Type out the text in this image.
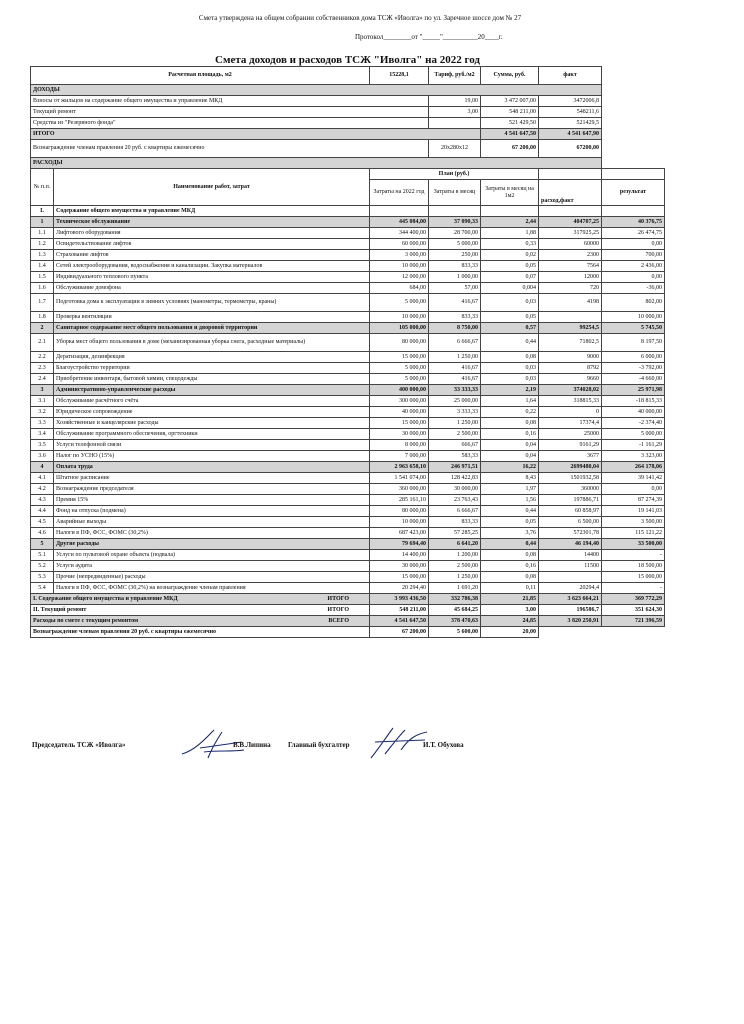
Смета утверждена на общем собрании собственников дома ТСЖ «Иволга» по ул. Заречное шоссе дом № 27
Протокол________от "_____"__________20____г.
Смета доходов и расходов ТСЖ "Иволга" на 2022 год
Расчетная площадь, м2		15228,1	Тариф, руб./м2	Сумма, руб.	факт	
ДОХОДЫ						
Взносы от жильцов на содержание общего имущества и управление МКД			19,00	3 472 007,00	3472006,8	
Текущий ремонт			3,00	548 211,00	548211,6	
Средства из "Резервного фонда"				521 429,50	521429,5	
ИТОГО				4 541 647,50	4 541 647,90	
Вознаграждение членам правления 20 руб. с квартиры ежемесячно			20x280x12	67 200,00	67200,00	
РАСХОДЫ						
№ п.п.	Наименование работ, затрат	План (руб.)				
		Затраты на 2022 год	Затраты в месяц	Затраты в месяц на 1м2	расход,факт	результат
I.	Содержание общего имущества и управление МКД					
1	Техническое обслуживание	445 084,00	37 090,33	2,44	404707,25	40 376,75
1.1	Лифтового оборудования	344 400,00	28 700,00	1,88	317925,25	26 474,75
1.2	Освидетельствование лифтов	60 000,00	5 000,00	0,33	60000	0,00
1.3	Страхование лифтов	3 000,00	250,00	0,02	2300	700,00
1.4	Сетей электрооборудования, водоснабжения и канализации. Закупка материалов	10 000,00	833,33	0,05	7564	2 436,00
1.5	Индивидуального теплового пункта	12 000,00	1 000,00	0,07	12000	0,00
1.6	Обслуживание домофона	684,00	57,00	0,004	720	-36,00
1.7	Подготовка дома к эксплуатации в зимних условиях (манометры, термометры, краны)	5 000,00	416,67	0,03	4198	802,00
1.8	Проверка вентиляции	10 000,00	833,33	0,05		10 000,00
2	Санитарное содержание мест общего пользования и дворовой территории	105 000,00	8 750,00	0,57	99254,5	5 745,50
2.1	Уборка мест общего пользования в доме (механизированная уборка снега, расходные материалы)	80 000,00	6 666,67	0,44	71802,5	8 197,50
2.2	Дератизация, дезинфекция	15 000,00	1 250,00	0,08	9000	6 000,00
2.3	Благоустройство территории	5 000,00	416,67	0,03	8792	-3 792,00
2.4	Приобретение инвентаря, бытовой химии, спецодежды	5 000,00	416,67	0,03	9660	-4 660,00
3	Административно-управленческие расходы	400 000,00	33 333,33	2,19	374028,02	25 971,98
3.1	Обслуживание расчётного счёта	300 000,00	25 000,00	1,64	318815,33	-18 815,33
3.2	Юридическое сопровождение	40 000,00	3 333,33	0,22	0	40 000,00
3.3	Хозяйственные и канцелярские расходы	15 000,00	1 250,00	0,08	17374,4	-2 374,40
3.4	Обслуживание программного обеспечения, оргтехники	30 000,00	2 500,00	0,16	25000	5 000,00
3.5	Услуги телефонной связи	8 000,00	666,67	0,04	9161,29	-1 161,29
3.6	Налог по УСНО (15%)	7 000,00	583,33	0,04	3677	3 323,00
4	Оплата труда	2 963 658,10	246 971,51	16,22	2699480,04	264 178,06
4.1	Штатное расписание	1 541 074,00	128 422,83	8,43	1501932,58	39 141,42
4.2	Вознаграждение председателя	360 000,00	30 000,00	1,97	360000	0,00
4.3	Премия 15%	285 161,10	23 763,43	1,56	197886,71	87 274,39
4.4	Фонд на отпуска (подмена)	80 000,00	6 666,67	0,44	60 858,97	19 141,03
4.5	Аварийные выходы	10 000,00	833,33	0,05	6 500,00	3 500,00
4.6	Налоги в ПФ, ФСС, ФОМС (30,2%)	687 423,00	57 285,25	3,76	572301,78	115 121,22
5	Другие расходы	79 694,40	6 641,20	0,44	46 194,40	33 500,00
5.1	Услуги по пультовой охране объекта (подвала)	14 400,00	1 200,00	0,08	14400	-
5.2	Услуги аудита	30 000,00	2 500,00	0,16	11500	18 500,00
5.3	Прочие (непредвиденные) расходы	15 000,00	1 250,00	0,08		15 000,00
5.4	Налоги в ПФ, ФСС, ФОМС (30,2%) на вознаграждение членам правления	20 294,40	1 691,20	0,11	20294,4	-
I. Содержание общего имущества и управление МКД ИТОГО		3 993 436,50	332 786,38	21,85	3 623 664,21	369 772,29
II. Текущий ремонт ИТОГО		548 211,00	45 684,25	3,00	196586,7	351 624,30
Расходы по смете с текущим ремонтом ВСЕГО		4 541 647,50	378 470,63	24,85	3 820 250,91	721 396,59
Вознаграждение членам правления 20 руб. с квартиры ежемесячно		67 200,00	5 600,00	20,00		
Председатель ТСЖ «Иволга»	В.В.Липина Главный бухгалтер	И.Т. Обухова
